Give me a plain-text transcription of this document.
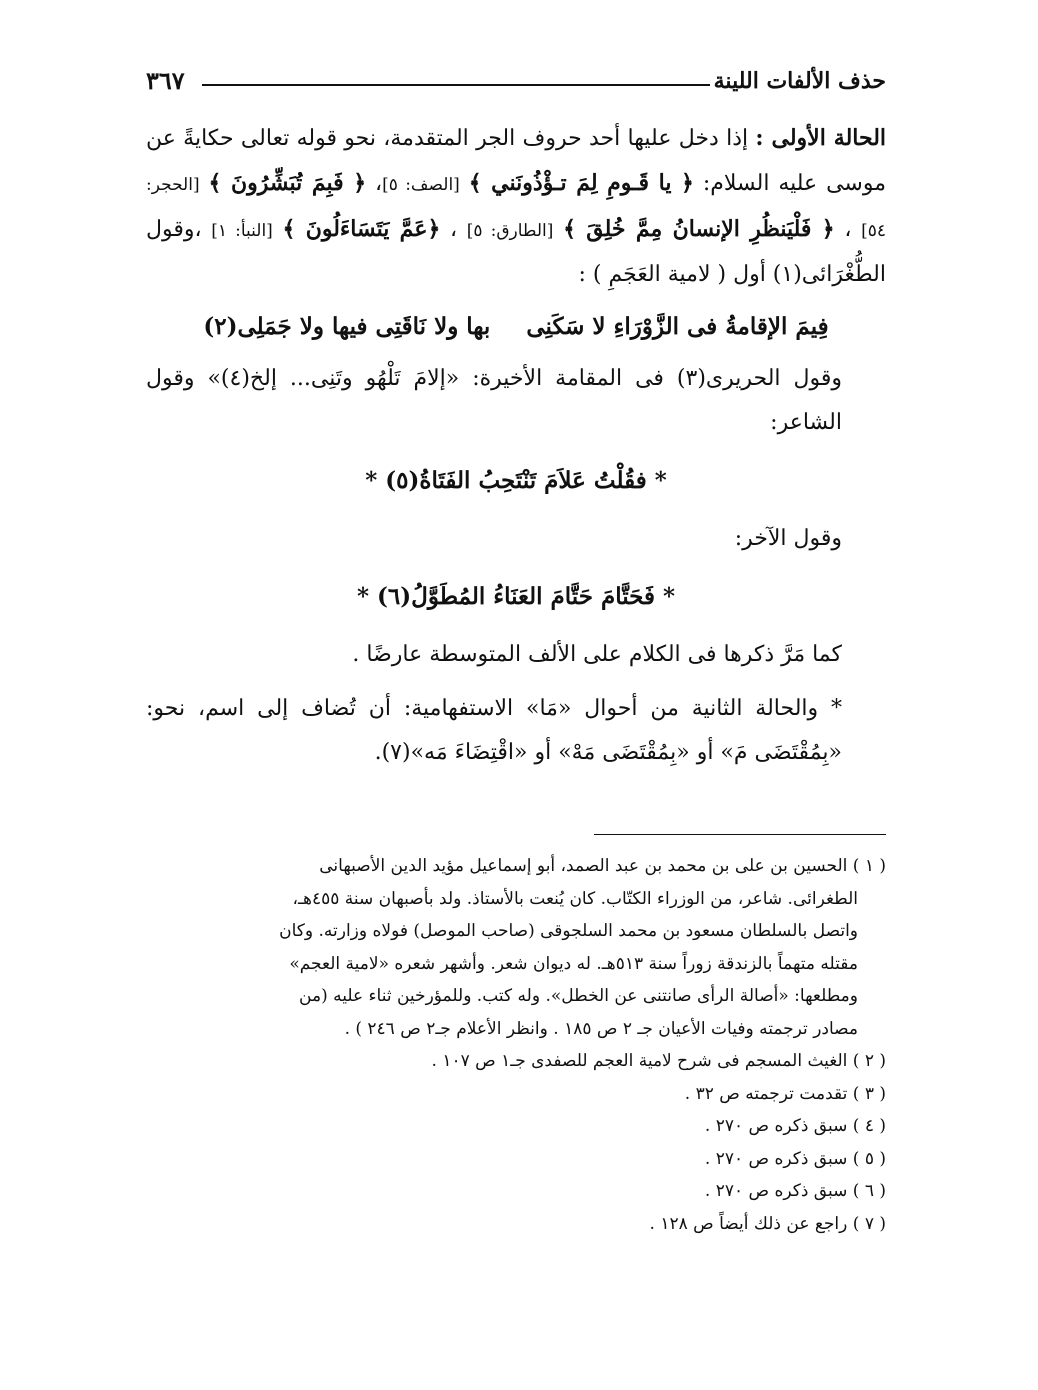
حذف الألفات اللينة
٣٦٧

الحالة الأولى : إذا دخل عليها أحد حروف الجر المتقدمة، نحو قوله تعالى حكايةً عن موسى عليه السلام: ﴿ يا قَـومِ لِمَ تـؤْذُونَني ﴾ [الصف: ٥]، ﴿ فَبِمَ تُبَشِّرُونَ ﴾ [الحجر: ٥٤] ، ﴿ فَلْيَنظُرِ الإنسانُ مِمَّ خُلِقَ ﴾ [الطارق: ٥] ، ﴿عَمَّ يَتَسَاءَلُونَ ﴾ [النبأ: ١] ،وقول الطُّغْرَائى(١) أول ( لامية العَجَمِ ) :

فِيمَ الإقامةُ فى الزَّوْرَاءِ لا سَكَنِىبها ولا نَاقَتِى فيها ولا جَمَلِى(٢)

وقول الحريرى(٣) فى المقامة الأخيرة: «إلامَ تَلْهُو وتَنِى... إلخ(٤)» وقول الشاعر:

* فقُلْتُ عَلاَمَ تَنْتَحِبُ الفَتَاةُ(٥) *

وقول الآخر:

* فَحَتَّامَ حَتَّامَ العَنَاءُ المُطَوَّلُ(٦) *

كما مَرَّ ذكرها فى الكلام على الألف المتوسطة عارضًا .

* والحالة الثانية من أحوال «مَا» الاستفهامية: أن تُضاف إلى اسم، نحو: «بِمُقْتَضَى مَ» أو «بِمُقْتَضَى مَهْ» أو «اقْتِضَاءَ مَه»(٧).

( ١ ) الحسين بن على بن محمد بن عبد الصمد، أبو إسماعيل مؤيد الدين الأصبهانى

الطغرائى. شاعر، من الوزراء الكتّاب. كان يُنعت بالأستاذ. ولد بأصبهان سنة ٤٥٥هـ،

واتصل بالسلطان مسعود بن محمد السلجوقى (صاحب الموصل) فولاه وزارته. وكان

مقتله متهماً بالزندقة زوراً سنة ٥١٣هـ. له ديوان شعر. وأشهر شعره «لامية العجم»

ومطلعها: «أصالة الرأى صانتنى عن الخطل». وله كتب. وللمؤرخين ثناء عليه (من

مصادر ترجمته وفيات الأعيان جـ ٢ ص ١٨٥ . وانظر الأعلام جـ٢ ص ٢٤٦ ) .

( ٢ ) الغيث المسجم فى شرح لامية العجم للصفدى جـ١ ص ١٠٧ .

( ٣ ) تقدمت ترجمته ص ٣٢ .

( ٤ ) سبق ذكره ص ٢٧٠ .

( ٥ ) سبق ذكره ص ٢٧٠ .

( ٦ ) سبق ذكره ص ٢٧٠ .

( ٧ ) راجع عن ذلك أيضاً ص ١٢٨ .
